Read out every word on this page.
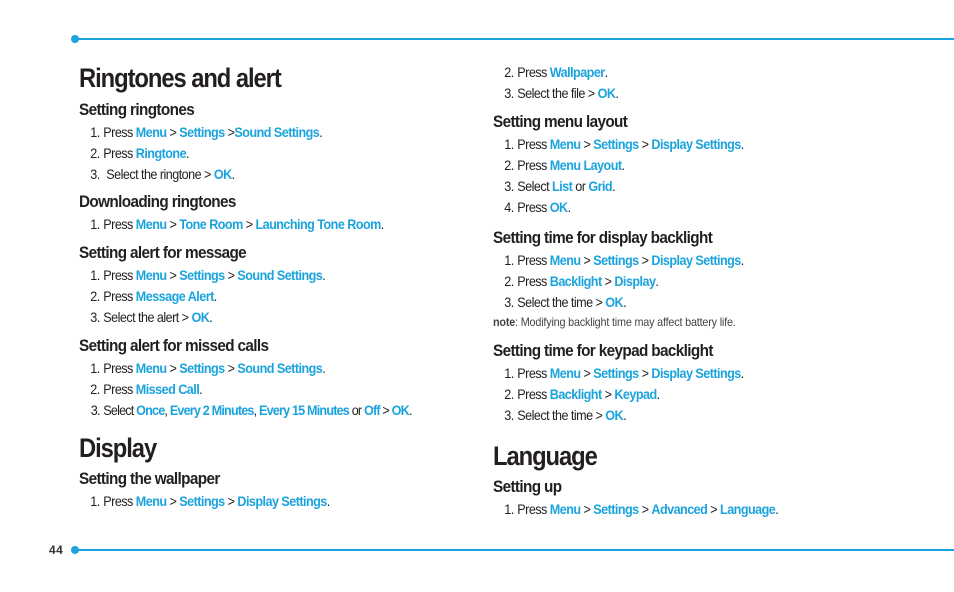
44
Ringtones and alert
Setting ringtones
1. Press Menu > Settings >Sound Settings.
2. Press Ringtone.
3. Select the ringtone > OK.
Downloading ringtones
1. Press Menu > Tone Room > Launching Tone Room.
Setting alert for message
1. Press Menu > Settings > Sound Settings.
2. Press Message Alert.
3. Select the alert > OK.
Setting alert for missed calls
1. Press Menu > Settings > Sound Settings.
2. Press Missed Call.
3. Select Once, Every 2 Minutes, Every 15 Minutes or Off > OK.
Display
Setting the wallpaper
1. Press Menu > Settings > Display Settings.
2. Press Wallpaper.
3. Select the file > OK.
Setting menu layout
1. Press Menu > Settings > Display Settings.
2. Press Menu Layout.
3. Select List or Grid.
4. Press OK.
Setting time for display backlight
1. Press Menu > Settings > Display Settings.
2. Press Backlight > Display.
3. Select the time > OK.
note: Modifying backlight time may affect battery life.
Setting time for keypad backlight
1. Press Menu > Settings > Display Settings.
2. Press Backlight > Keypad.
3. Select the time > OK.
Language
Setting up
1. Press Menu > Settings > Advanced > Language.
